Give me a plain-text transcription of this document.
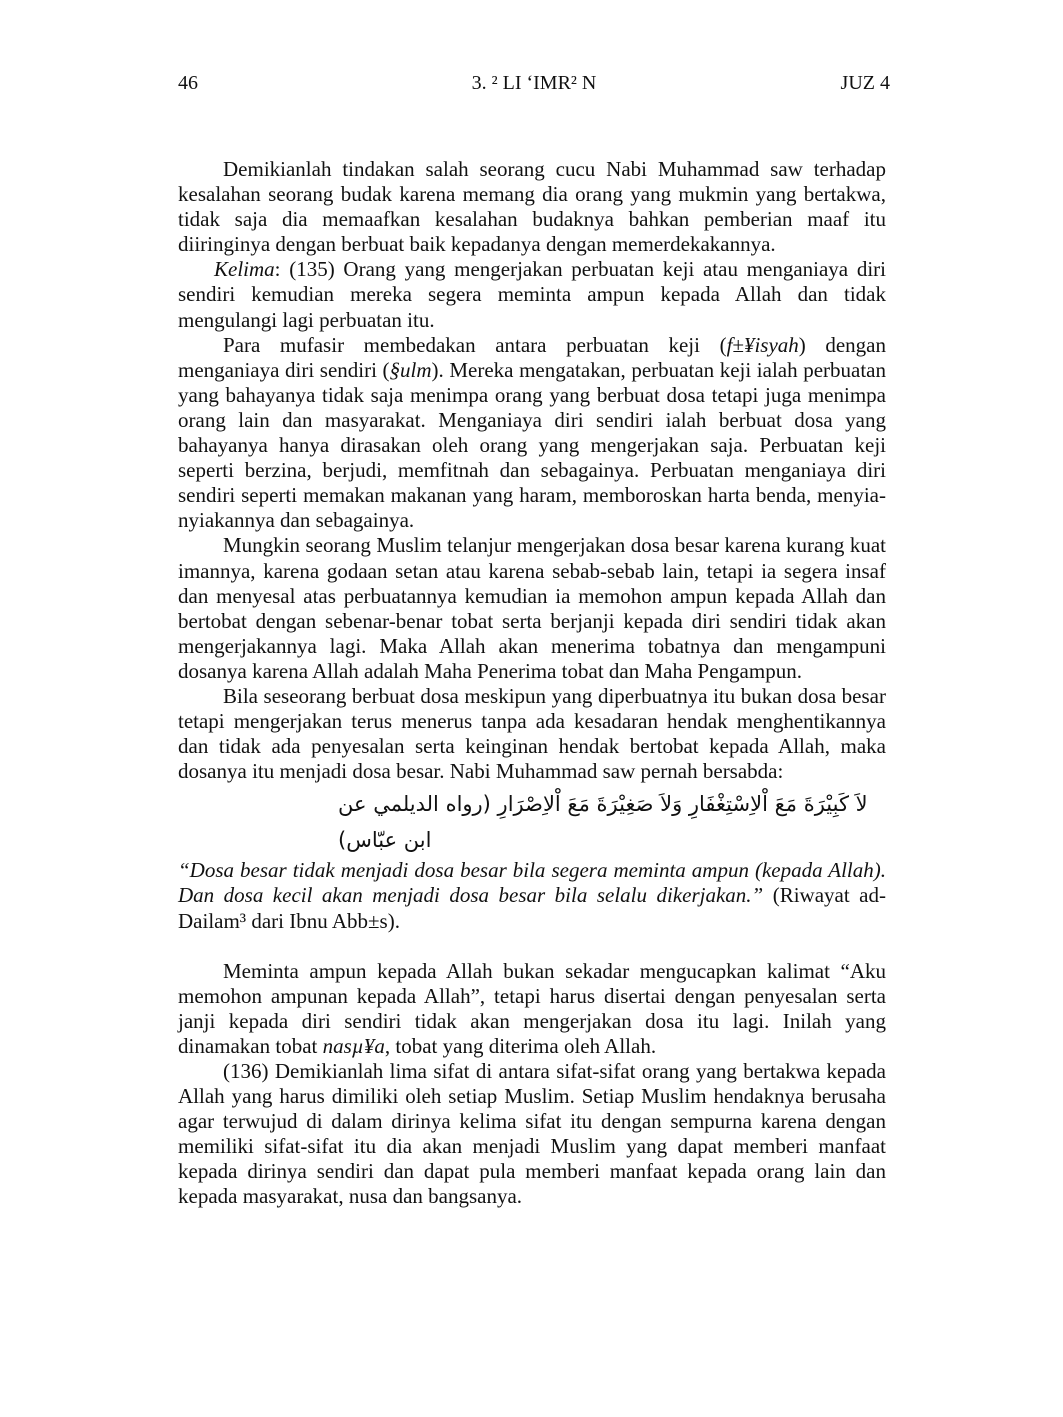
46	3. ² LI ‘IMR² N	JUZ 4

Demikianlah tindakan salah seorang cucu Nabi Muhammad saw terhadap kesalahan seorang budak karena memang dia orang yang mukmin yang bertakwa, tidak saja dia memaafkan kesalahan budaknya bahkan pemberian maaf itu diiringinya dengan berbuat baik kepadanya dengan memerdekakannya.

Kelima: (135) Orang yang mengerjakan perbuatan keji atau menganiaya diri sendiri kemudian mereka segera meminta ampun kepada Allah dan tidak mengulangi lagi perbuatan itu.

Para mufasir membedakan antara perbuatan keji (f±¥isyah) dengan menganiaya diri sendiri (§ulm). Mereka mengatakan, perbuatan keji ialah perbuatan yang bahayanya tidak saja menimpa orang yang berbuat dosa tetapi juga menimpa orang lain dan masyarakat. Menganiaya diri sendiri ialah berbuat dosa yang bahayanya hanya dirasakan oleh orang yang mengerjakan saja. Perbuatan keji seperti berzina, berjudi, memfitnah dan sebagainya. Perbuatan menganiaya diri sendiri seperti memakan makanan yang haram, memboroskan harta benda, menyia-nyiakannya dan sebagainya.

Mungkin seorang Muslim telanjur mengerjakan dosa besar karena kurang kuat imannya, karena godaan setan atau karena sebab-sebab lain, tetapi ia segera insaf dan menyesal atas perbuatannya kemudian ia memohon ampun kepada Allah dan bertobat dengan sebenar-benar tobat serta berjanji kepada diri sendiri tidak akan mengerjakannya lagi. Maka Allah akan menerima tobatnya dan mengampuni dosanya karena Allah adalah Maha Penerima tobat dan Maha Pengampun.

Bila seseorang berbuat dosa meskipun yang diperbuatnya itu bukan dosa besar tetapi mengerjakan terus menerus tanpa ada kesadaran hendak menghentikannya dan tidak ada penyesalan serta keinginan hendak bertobat kepada Allah, maka dosanya itu menjadi dosa besar. Nabi Muhammad saw pernah bersabda:

لاَ كَبِيْرَةَ مَعَ اْلاِسْتِغْفَارِ وَلاَ صَغِيْرَةَ مَعَ اْلاِصْرَارِ (رواه الديلمي عن ابن عبّاس)

“Dosa besar tidak menjadi dosa besar bila segera meminta ampun (kepada Allah). Dan dosa kecil akan menjadi dosa besar bila selalu dikerjakan.” (Riwayat ad-Dailam³ dari Ibnu Abb±s).

Meminta ampun kepada Allah bukan sekadar mengucapkan kalimat “Aku memohon ampunan kepada Allah”, tetapi harus disertai dengan penyesalan serta janji kepada diri sendiri tidak akan mengerjakan dosa itu lagi. Inilah yang dinamakan tobat nasµ¥a, tobat yang diterima oleh Allah.

(136) Demikianlah lima sifat di antara sifat-sifat orang yang bertakwa kepada Allah yang harus dimiliki oleh setiap Muslim. Setiap Muslim hendaknya berusaha agar terwujud di dalam dirinya kelima sifat itu dengan sempurna karena dengan memiliki sifat-sifat itu dia akan menjadi Muslim yang dapat memberi manfaat kepada dirinya sendiri dan dapat pula memberi manfaat kepada orang lain dan kepada masyarakat, nusa dan bangsanya.
